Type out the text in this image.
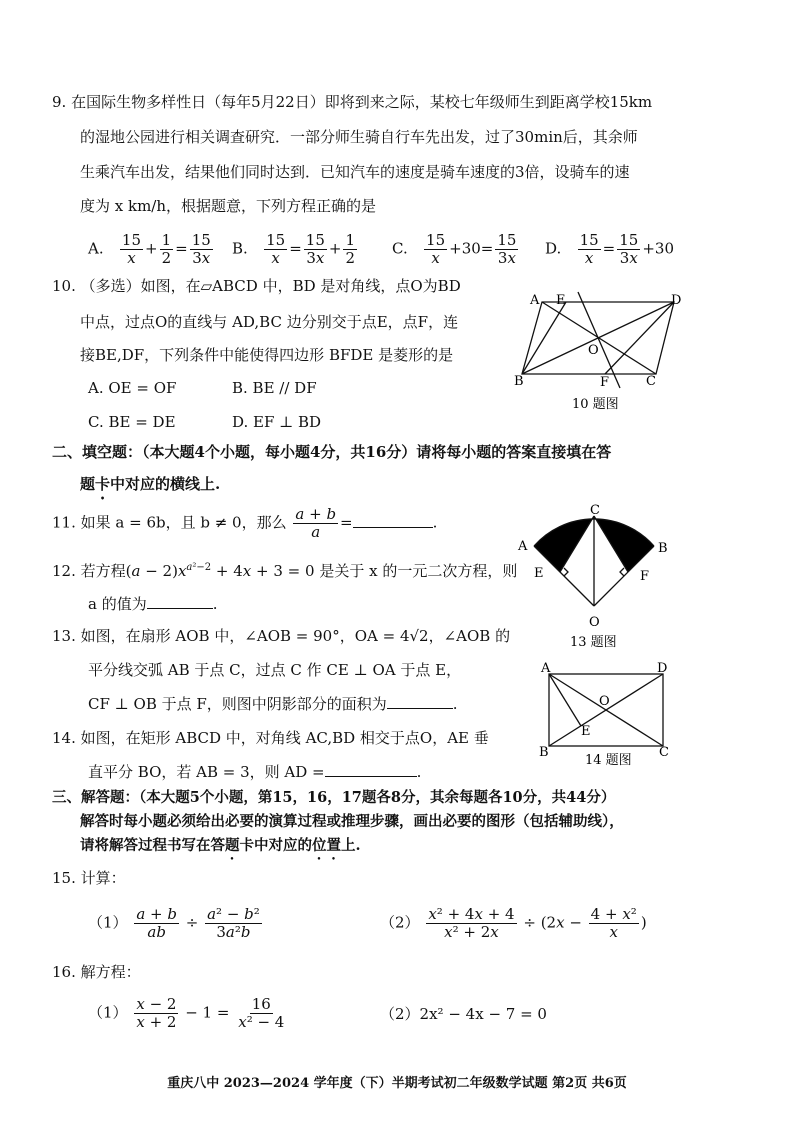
9. 在国际生物多样性日（每年5月22日）即将到来之际，某校七年级师生到距离学校15km
的湿地公园进行相关调查研究．一部分师生骑自行车先出发，过了30min后，其余师
生乘汽车出发，结果他们同时达到．已知汽车的速度是骑车速度的3倍，设骑车的速
度为 x km/h，根据题意，下列方程正确的是
A. $\frac{15}{x} + \frac{1}{2} = \frac{15}{3x} B$. $\frac{15}{x} = \frac{15}{3x} + \frac{1}{2} C$. $\frac{15}{x} +30= \frac{15}{3x} D$. $\frac{15}{x} = \frac{15}{3x} +30$
10. （多选）如图，在▱ABCD 中，BD 是对角线，点O为BD
中点，过点O的直线与 AD,BC 边分别交于点E，点F，连
接BE,DF，下列条件中能使得四边形 BFDE 是菱形的是
A. OE = OF	B. BE // DF
C. BE = DE	D. EF ⊥ BD
A E	D
O
B	F	C
10 题图
二、填空题：（本大题4个小题，每小题4分，共16分）请将每小题的答案直接填在答
题卡中对应的横线上.
11. 如果 a = 6b，且 b ≠ 0，那么 $\frac{a + b}{a}$ =	.
12. 若方程$(a - 2)x^{a^2-2} + 4x + 3 = 0$ 是关于 x 的一元二次方程，则
a 的值为	.
C
A	B
E	F
O
13 题图
13. 如图，在扇形 AOB 中，∠AOB = 90°，OA = 4√2，∠AOB 的
平分线交弧 AB 于点 C，过点 C 作 CE ⊥ OA 于点 E，
CF ⊥ OB 于点 F，则图中阴影部分的面积为	.
A	D
O
E
B	C
14 题图
14. 如图，在矩形 ABCD 中，对角线 AC,BD 相交于点O，AE 垂
直平分 BO，若 AB = 3，则 AD =	.
三、解答题：（本大题5个小题，第15，16，17题各8分，其余每题各10分，共44分）
解答时每小题必须给出必要的演算过程或推理步骤，画出必要的图形（包括辅助线），
请将解答过程书写在答题卡中对应的位置上.
15. 计算：
$(1) \frac{a + b}{ab} \div \frac{\text{a² − b²}}{\text{3a²b}}$	$(2) \frac{\text{x² + 4x + 4}}{\text{x² + 2x}} \div (2x - \frac{\text{4 + x²}}{x}$ )
16. 解方程：
$(1) \frac{x - 2}{x + 2} - 1 = \frac{16}{\text{x² − 4}}$	（2）2x² − 4x − 7 = 0
重庆八中 2023—2024 学年度（下）半期考试初二年级数学试题 第2页 共6页
